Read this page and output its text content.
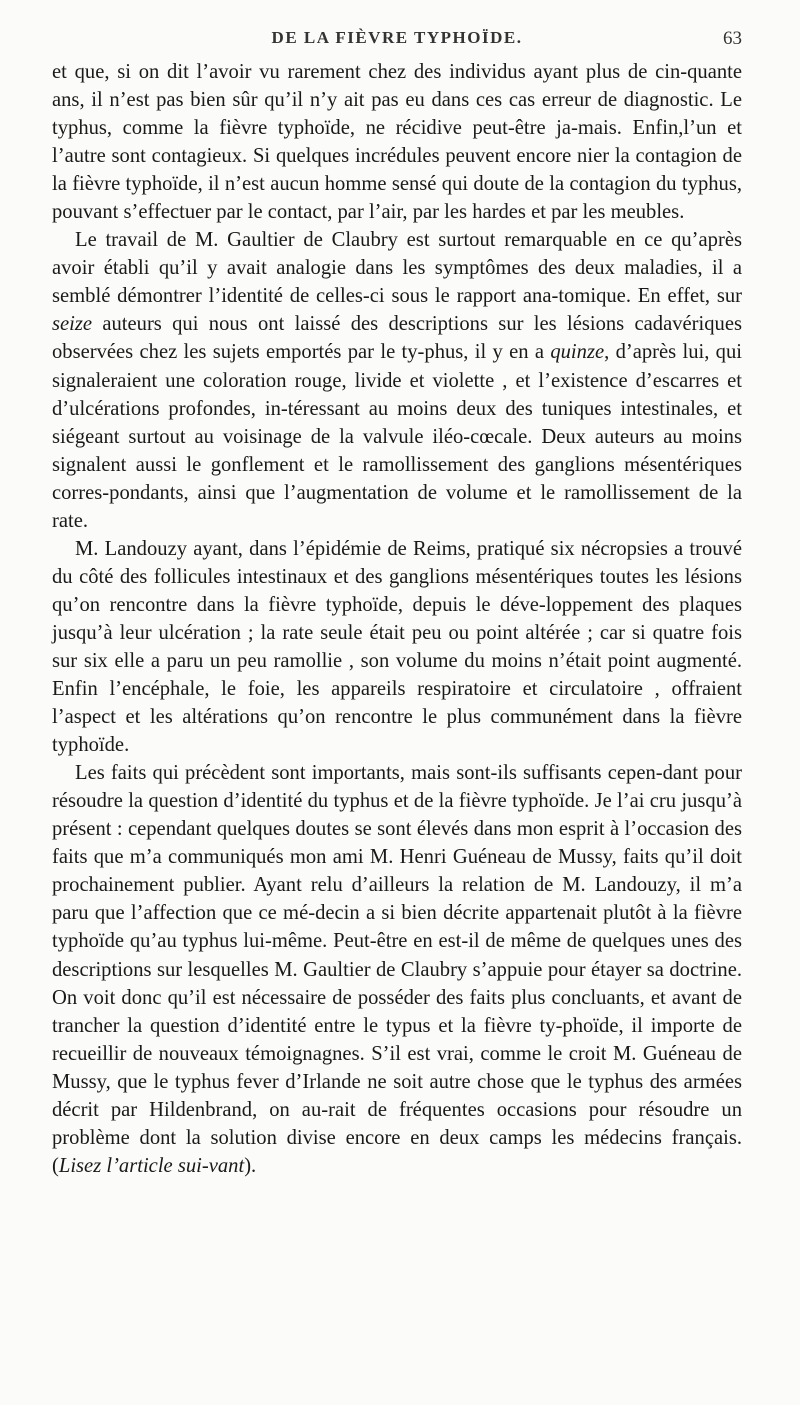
DE LA FIÈVRE TYPHOÏDE.	63

et que, si on dit l’avoir vu rarement chez des individus ayant plus de cin-quante ans, il n’est pas bien sûr qu’il n’y ait pas eu dans ces cas erreur de diagnostic. Le typhus, comme la fièvre typhoïde, ne récidive peut-être ja-mais. Enfin,l’un et l’autre sont contagieux. Si quelques incrédules peuvent encore nier la contagion de la fièvre typhoïde, il n’est aucun homme sensé qui doute de la contagion du typhus, pouvant s’effectuer par le contact, par l’air, par les hardes et par les meubles.

Le travail de M. Gaultier de Claubry est surtout remarquable en ce qu’après avoir établi qu’il y avait analogie dans les symptômes des deux maladies, il a semblé démontrer l’identité de celles-ci sous le rapport ana-tomique. En effet, sur seize auteurs qui nous ont laissé des descriptions sur les lésions cadavériques observées chez les sujets emportés par le ty-phus, il y en a quinze, d’après lui, qui signaleraient une coloration rouge, livide et violette , et l’existence d’escarres et d’ulcérations profondes, in-téressant au moins deux des tuniques intestinales, et siégeant surtout au voisinage de la valvule iléo-cœcale. Deux auteurs au moins signalent aussi le gonflement et le ramollissement des ganglions mésentériques corres-pondants, ainsi que l’augmentation de volume et le ramollissement de la rate.

M. Landouzy ayant, dans l’épidémie de Reims, pratiqué six nécropsies a trouvé du côté des follicules intestinaux et des ganglions mésentériques toutes les lésions qu’on rencontre dans la fièvre typhoïde, depuis le déve-loppement des plaques jusqu’à leur ulcération ; la rate seule était peu ou point altérée ; car si quatre fois sur six elle a paru un peu ramollie , son volume du moins n’était point augmenté. Enfin l’encéphale, le foie, les appareils respiratoire et circulatoire , offraient l’aspect et les altérations qu’on rencontre le plus communément dans la fièvre typhoïde.

Les faits qui précèdent sont importants, mais sont-ils suffisants cepen-dant pour résoudre la question d’identité du typhus et de la fièvre typhoïde. Je l’ai cru jusqu’à présent : cependant quelques doutes se sont élevés dans mon esprit à l’occasion des faits que m’a communiqués mon ami M. Henri Guéneau de Mussy, faits qu’il doit prochainement publier. Ayant relu d’ailleurs la relation de M. Landouzy, il m’a paru que l’affection que ce mé-decin a si bien décrite appartenait plutôt à la fièvre typhoïde qu’au typhus lui-même. Peut-être en est-il de même de quelques unes des descriptions sur lesquelles M. Gaultier de Claubry s’appuie pour étayer sa doctrine. On voit donc qu’il est nécessaire de posséder des faits plus concluants, et avant de trancher la question d’identité entre le typus et la fièvre ty-phoïde, il importe de recueillir de nouveaux témoignagnes. S’il est vrai, comme le croit M. Guéneau de Mussy, que le typhus fever d’Irlande ne soit autre chose que le typhus des armées décrit par Hildenbrand, on au-rait de fréquentes occasions pour résoudre un problème dont la solution divise encore en deux camps les médecins français. (Lisez l’article sui-vant).
